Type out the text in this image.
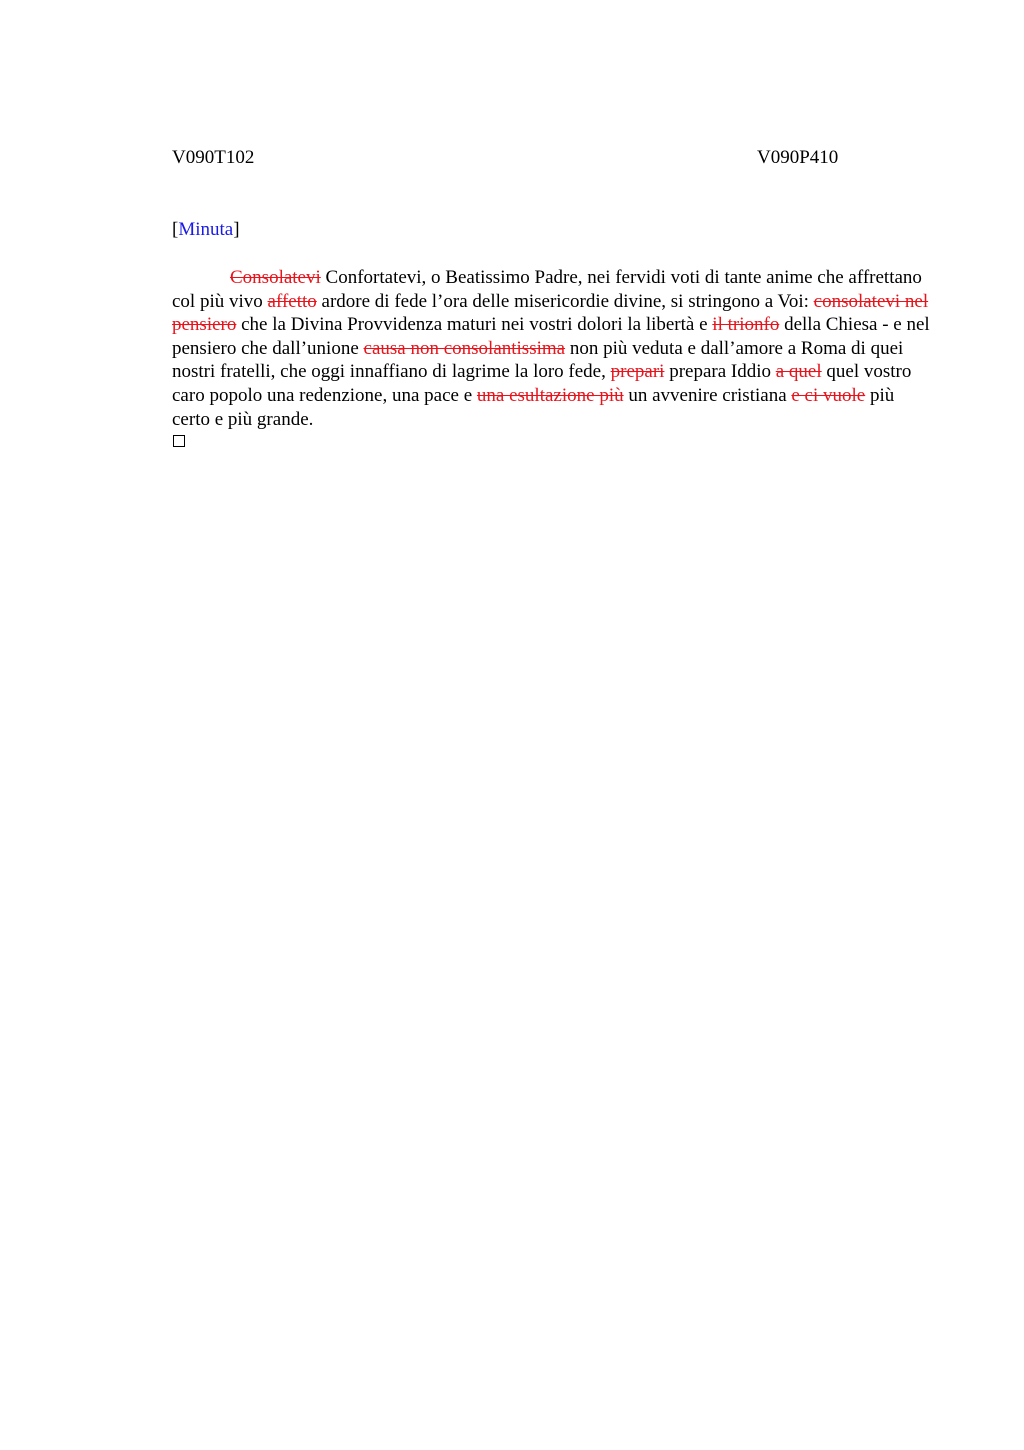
V090T102	V090P410
[Minuta]

Consolatevi Confortatevi, o Beatissimo Padre, nei fervidi voti di tante anime che affrettano col più vivo affetto ardore di fede l’ora delle misericordie divine, si stringono a Voi: consolatevi nel pensiero che la Divina Provvidenza maturi nei vostri dolori la libertà e il trionfo della Chiesa - e nel pensiero che dall’unione causa non consolantissima non più veduta e dall’amore a Roma di quei nostri fratelli, che oggi innaffiano di lagrime la loro fede, prepari prepara Iddio a quel quel vostro caro popolo una redenzione, una pace e una esultazione più un avvenire cristiana e ci vuole più certo e più grande.
